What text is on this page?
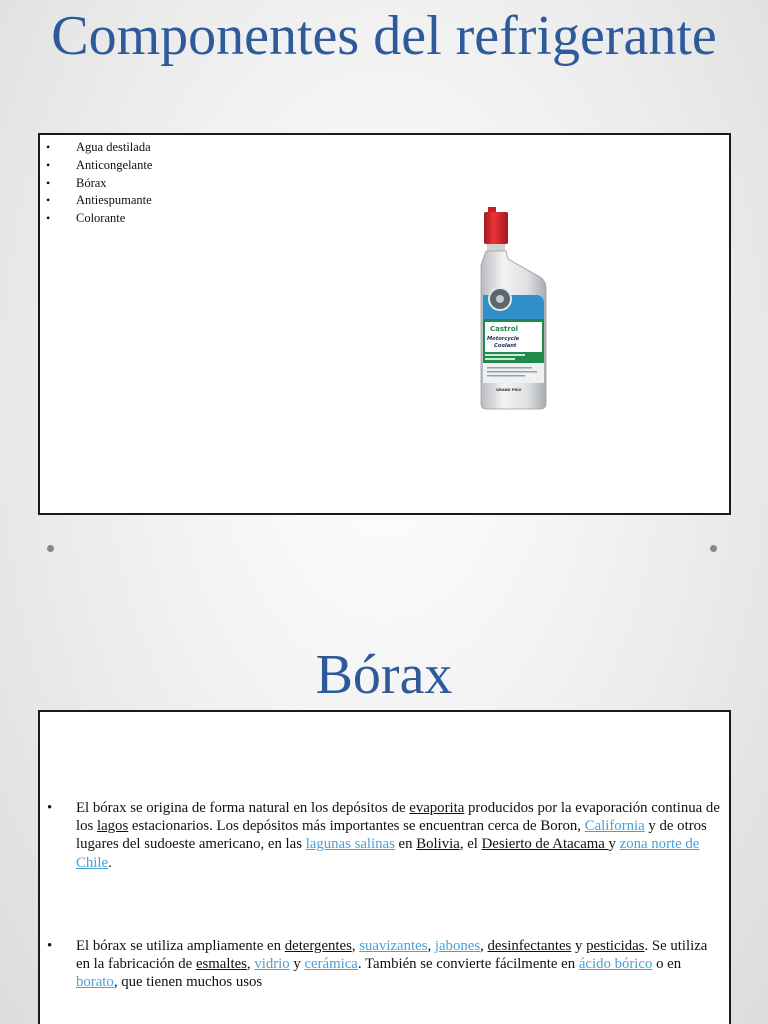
Componentes del refrigerante
• Agua destilada
• Anticongelante
• Bórax
• Antiespumante
• Colorante
Castrol
Motorcycle
Coolant
GRAND PRIX
Bórax
• El bórax se origina de forma natural en los depósitos de evaporita producidos por la evaporación continua de los lagos estacionarios. Los depósitos más importantes se encuentran cerca de Boron, California y de otros lugares del sudoeste americano, en las lagunas salinas en Bolivia, el Desierto de Atacama y zona norte de Chile.
• El bórax se utiliza ampliamente en detergentes, suavizantes, jabones, desinfectantes y pesticidas. Se utiliza en la fabricación de esmaltes, vidrio y cerámica. También se convierte fácilmente en ácido bórico o en borato, que tienen muchos usos
